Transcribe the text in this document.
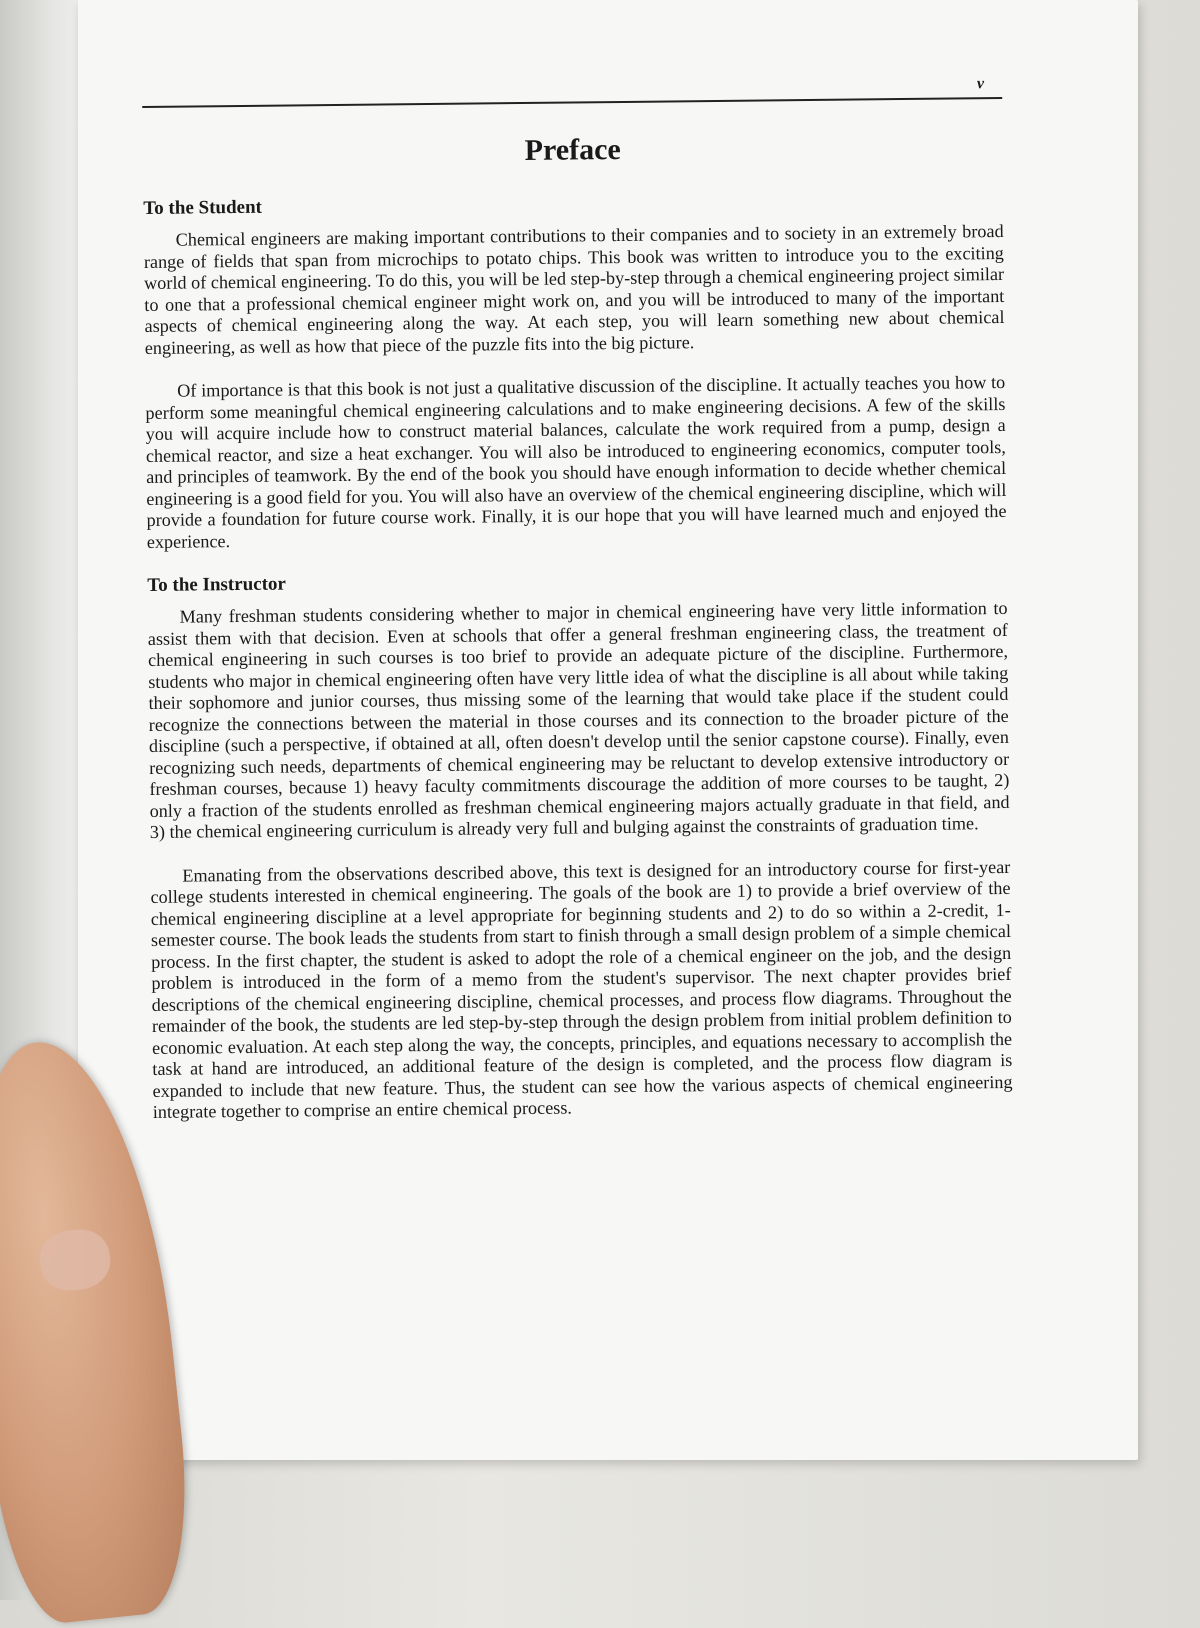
v
Preface
To the Student

Chemical engineers are making important contributions to their companies and to society in an extremely broad range of fields that span from microchips to potato chips. This book was written to introduce you to the exciting world of chemical engineering. To do this, you will be led step-by-step through a chemical engineering project similar to one that a professional chemical engineer might work on, and you will be introduced to many of the important aspects of chemical engineering along the way. At each step, you will learn something new about chemical engineering, as well as how that piece of the puzzle fits into the big picture.

Of importance is that this book is not just a qualitative discussion of the discipline. It actually teaches you how to perform some meaningful chemical engineering calculations and to make engineering decisions. A few of the skills you will acquire include how to construct material balances, calculate the work required from a pump, design a chemical reactor, and size a heat exchanger. You will also be introduced to engineering economics, computer tools, and principles of teamwork. By the end of the book you should have enough information to decide whether chemical engineering is a good field for you. You will also have an overview of the chemical engineering discipline, which will provide a foundation for future course work. Finally, it is our hope that you will have learned much and enjoyed the experience.

To the Instructor

Many freshman students considering whether to major in chemical engineering have very little information to assist them with that decision. Even at schools that offer a general freshman engineering class, the treatment of chemical engineering in such courses is too brief to provide an adequate picture of the discipline. Furthermore, students who major in chemical engineering often have very little idea of what the discipline is all about while taking their sophomore and junior courses, thus missing some of the learning that would take place if the student could recognize the connections between the material in those courses and its connection to the broader picture of the discipline (such a perspective, if obtained at all, often doesn't develop until the senior capstone course). Finally, even recognizing such needs, departments of chemical engineering may be reluctant to develop extensive introductory or freshman courses, because 1) heavy faculty commitments discourage the addition of more courses to be taught, 2) only a fraction of the students enrolled as freshman chemical engineering majors actually graduate in that field, and 3) the chemical engineering curriculum is already very full and bulging against the constraints of graduation time.

Emanating from the observations described above, this text is designed for an introductory course for first-year college students interested in chemical engineering. The goals of the book are 1) to provide a brief overview of the chemical engineering discipline at a level appropriate for beginning students and 2) to do so within a 2-credit, 1-semester course. The book leads the students from start to finish through a small design problem of a simple chemical process. In the first chapter, the student is asked to adopt the role of a chemical engineer on the job, and the design problem is introduced in the form of a memo from the student's supervisor. The next chapter provides brief descriptions of the chemical engineering discipline, chemical processes, and process flow diagrams. Throughout the remainder of the book, the students are led step-by-step through the design problem from initial problem definition to economic evaluation. At each step along the way, the concepts, principles, and equations necessary to accomplish the task at hand are introduced, an additional feature of the design is completed, and the process flow diagram is expanded to include that new feature. Thus, the student can see how the various aspects of chemical engineering integrate together to comprise an entire chemical process.
